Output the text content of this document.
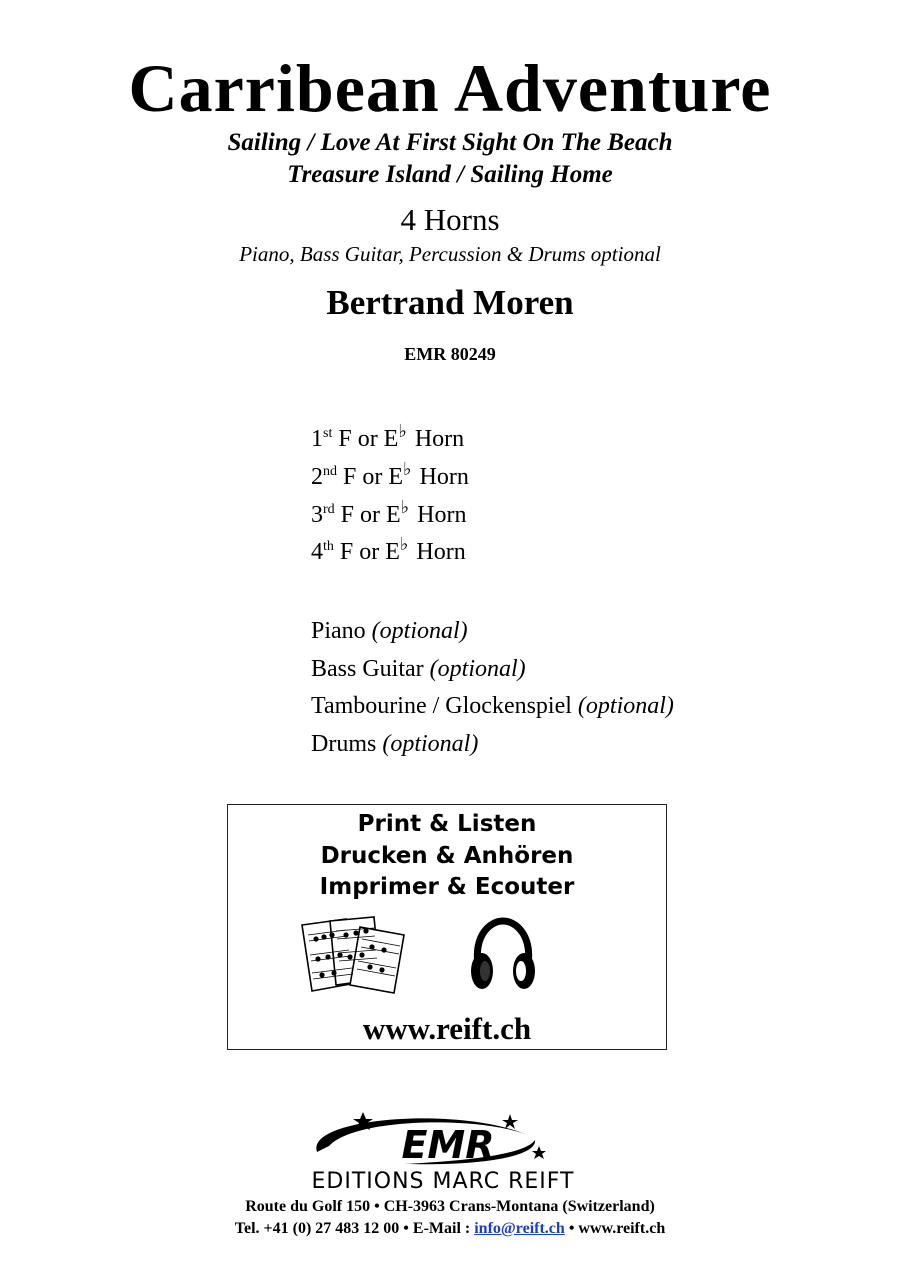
Carribean Adventure
Sailing / Love At First Sight On The Beach
Treasure Island / Sailing Home
4 Horns
Piano, Bass Guitar, Percussion & Drums optional
Bertrand Moren
EMR 80249
1st F or E♭ Horn
2nd F or E♭ Horn
3rd F or E♭ Horn
4th F or E♭ Horn
Piano (optional)
Bass Guitar (optional)
Tambourine / Glockenspiel (optional)
Drums (optional)
Print & Listen
Drucken & Anhören
Imprimer & Ecouter
www.reift.ch
EMR
EDITIONS MARC REIFT
Route du Golf 150 • CH-3963 Crans-Montana (Switzerland)
Tel. +41 (0) 27 483 12 00 • E-Mail : info@reift.ch • www.reift.ch
